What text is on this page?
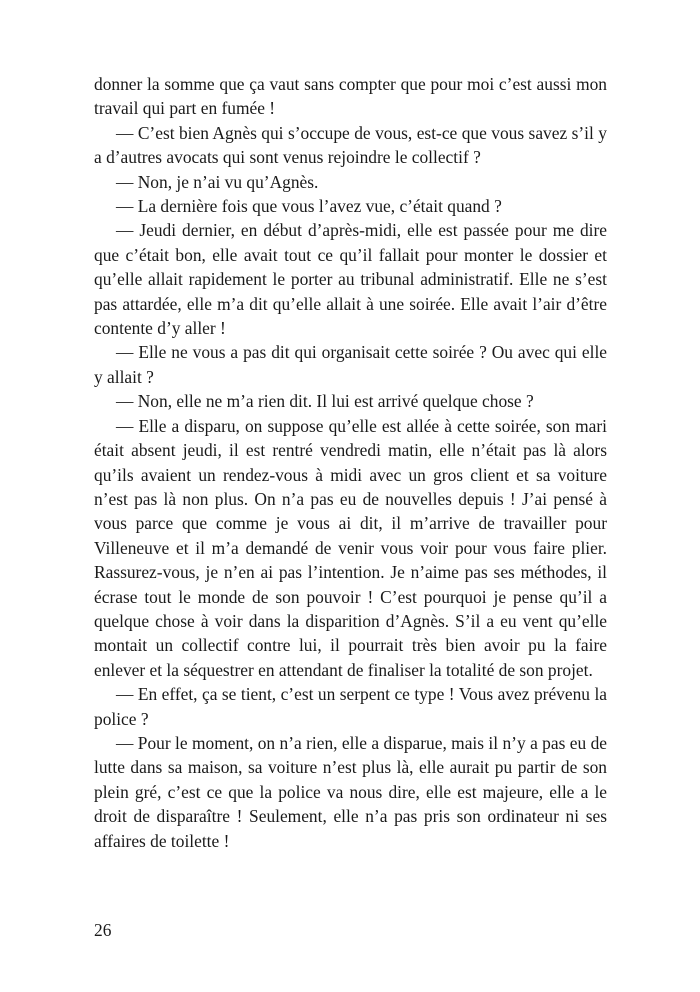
donner la somme que ça vaut sans compter que pour moi c’est aussi mon travail qui part en fumée !

— C’est bien Agnès qui s’occupe de vous, est-ce que vous savez s’il y a d’autres avocats qui sont venus rejoindre le collectif ?

— Non, je n’ai vu qu’Agnès.

— La dernière fois que vous l’avez vue, c’était quand ?

— Jeudi dernier, en début d’après-midi, elle est passée pour me dire que c’était bon, elle avait tout ce qu’il fallait pour monter le dossier et qu’elle allait rapidement le porter au tribunal administratif. Elle ne s’est pas attardée, elle m’a dit qu’elle allait à une soirée. Elle avait l’air d’être contente d’y aller !

— Elle ne vous a pas dit qui organisait cette soirée ? Ou avec qui elle y allait ?

— Non, elle ne m’a rien dit. Il lui est arrivé quelque chose ?

— Elle a disparu, on suppose qu’elle est allée à cette soirée, son mari était absent jeudi, il est rentré vendredi matin, elle n’était pas là alors qu’ils avaient un rendez-vous à midi avec un gros client et sa voiture n’est pas là non plus. On n’a pas eu de nouvelles depuis ! J’ai pensé à vous parce que comme je vous ai dit, il m’arrive de travailler pour Villeneuve et il m’a demandé de venir vous voir pour vous faire plier. Rassurez-vous, je n’en ai pas l’intention. Je n’aime pas ses méthodes, il écrase tout le monde de son pouvoir ! C’est pourquoi je pense qu’il a quelque chose à voir dans la disparition d’Agnès. S’il a eu vent qu’elle montait un collectif contre lui, il pourrait très bien avoir pu la faire enlever et la séquestrer en attendant de finaliser la totalité de son projet.

— En effet, ça se tient, c’est un serpent ce type ! Vous avez prévenu la police ?

— Pour le moment, on n’a rien, elle a disparue, mais il n’y a pas eu de lutte dans sa maison, sa voiture n’est plus là, elle aurait pu partir de son plein gré, c’est ce que la police va nous dire, elle est majeure, elle a le droit de disparaître ! Seulement, elle n’a pas pris son ordinateur ni ses affaires de toilette !

26
